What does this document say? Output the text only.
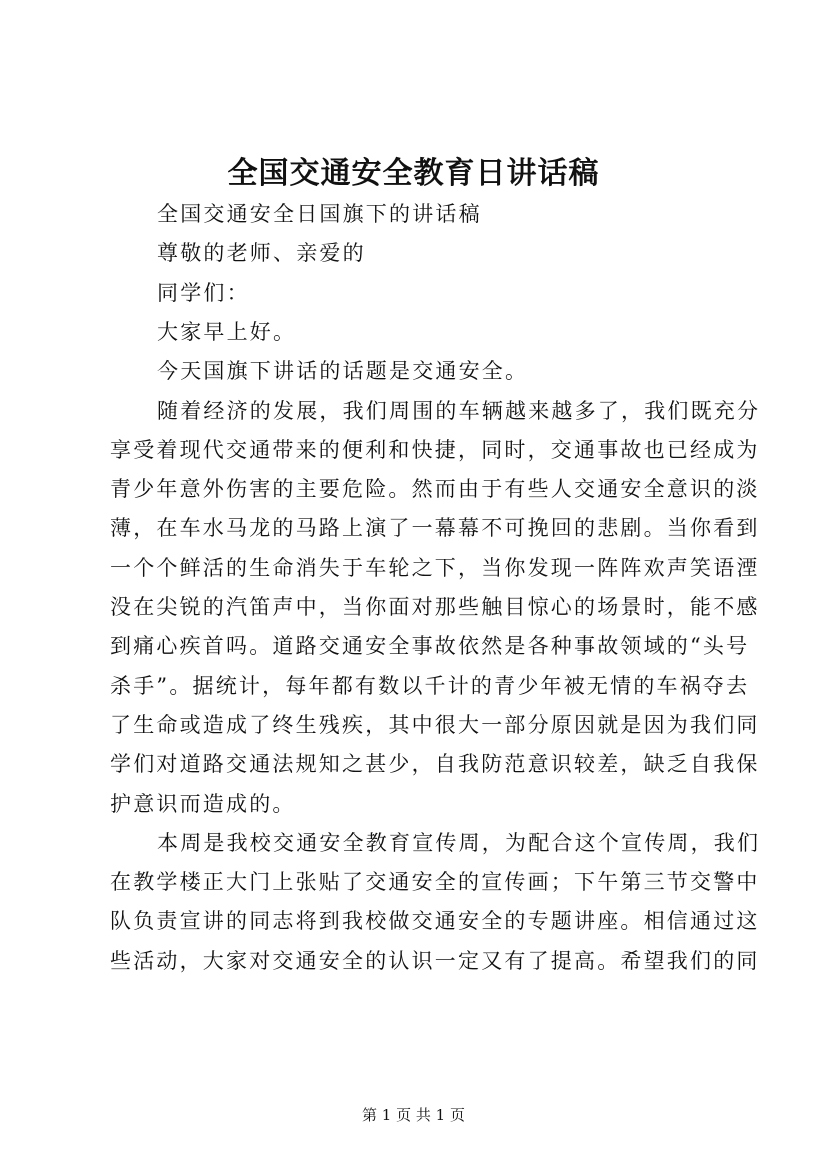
全国交通安全教育日讲话稿
全国交通安全日国旗下的讲话稿
尊敬的老师、亲爱的
同学们：
大家早上好。
今天国旗下讲话的话题是交通安全。
随着经济的发展，我们周围的车辆越来越多了，我们既充分
享受着现代交通带来的便利和快捷，同时，交通事故也已经成为
青少年意外伤害的主要危险。然而由于有些人交通安全意识的淡
薄，在车水马龙的马路上演了一幕幕不可挽回的悲剧。当你看到
一个个鲜活的生命消失于车轮之下，当你发现一阵阵欢声笑语湮
没在尖锐的汽笛声中，当你面对那些触目惊心的场景时，能不感
到痛心疾首吗。道路交通安全事故依然是各种事故领域的“头号
杀手”。据统计，每年都有数以千计的青少年被无情的车祸夺去
了生命或造成了终生残疾，其中很大一部分原因就是因为我们同
学们对道路交通法规知之甚少，自我防范意识较差，缺乏自我保
护意识而造成的。
本周是我校交通安全教育宣传周，为配合这个宣传周，我们
在教学楼正大门上张贴了交通安全的宣传画；下午第三节交警中
队负责宣讲的同志将到我校做交通安全的专题讲座。相信通过这
些活动，大家对交通安全的认识一定又有了提高。希望我们的同

第 1 页 共 1 页
